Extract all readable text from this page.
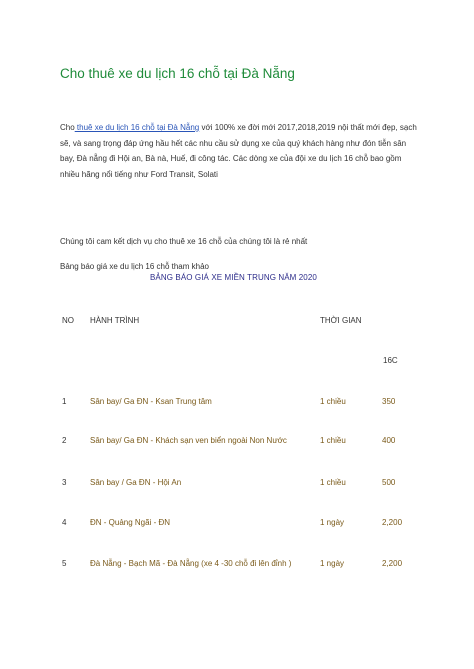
Cho thuê xe du lịch 16 chỗ tại Đà Nẵng
Cho thuê xe du lịch 16 chỗ tại Đà Nẵng với 100% xe đời mới 2017,2018,2019 nội thất mới đẹp, sạch sẽ, và sang trọng đáp ứng hầu hết các nhu cầu sử dụng xe của quý khách hàng như đón tiễn sân bay, Đà nẵng đi Hội an, Bà nà, Huế, đi công tác. Các dòng xe của đội xe du lịch 16 chỗ bao gồm nhiều hãng nổi tiếng như Ford Transit, Solati
Chúng tôi cam kết dịch vụ cho thuê xe 16 chỗ của chúng tôi là rẻ nhất
Bảng báo giá xe du lịch 16 chỗ tham khảo
BẢNG BÁO GIÁ XE MIỀN TRUNG NĂM 2020
NO HÀNH TRÌNH	THỜI GIAN
16C
1	Sân bay/ Ga ĐN - Ksan Trung tâm	1 chiều	350
2	Sân bay/ Ga ĐN - Khách sạn ven biển ngoài Non Nước	1 chiều	400
3	Sân bay / Ga ĐN - Hội An	1 chiều	500
4	ĐN - Quảng Ngãi - ĐN	1 ngày	2,200
5	Đà Nẵng - Bạch Mã - Đà Nẵng (xe 4 -30 chỗ đi lên đỉnh )	1 ngày	2,200
